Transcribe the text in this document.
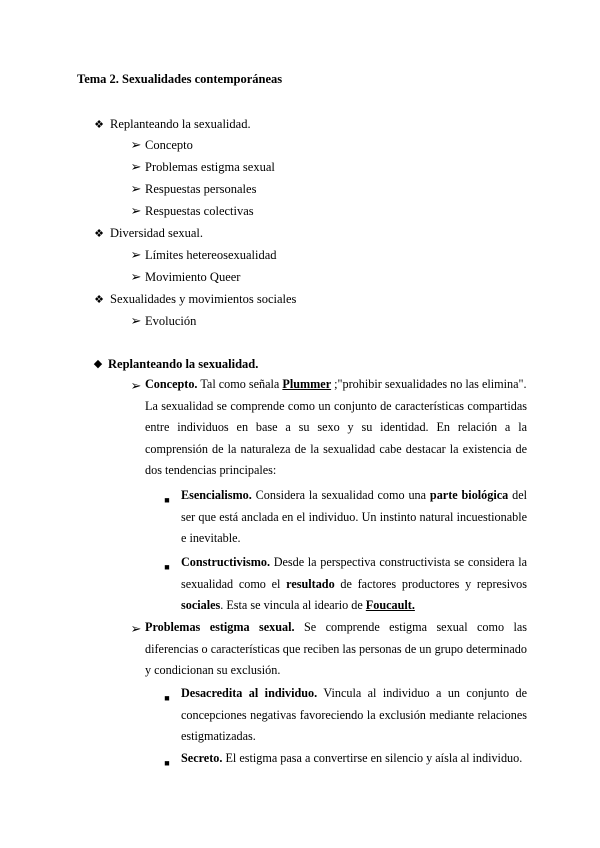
Tema 2. Sexualidades contemporáneas
❖ Replanteando la sexualidad.
➢ Concepto
➢ Problemas estigma sexual
➢ Respuestas personales
➢ Respuestas colectivas
❖ Diversidad sexual.
➢ Límites hetereosexualidad
➢ Movimiento Queer
❖ Sexualidades y movimientos sociales
➢ Evolución
◆ Replanteando la sexualidad.
➢ Concepto. Tal como señala Plummer ;"prohibir sexualidades no las elimina".
La sexualidad se comprende como un conjunto de características compartidas
entre individuos en base a su sexo y su identidad. En relación a la
comprensión de la naturaleza de la sexualidad cabe destacar la existencia de
dos tendencias principales:
■ Esencialismo. Considera la sexualidad como una parte biológica del
ser que está anclada en el individuo. Un instinto natural incuestionable
e inevitable.
■ Constructivismo. Desde la perspectiva constructivista se considera la
sexualidad como el resultado de factores productores y represivos
sociales. Esta se vincula al ideario de Foucault.
➢ Problemas estigma sexual. Se comprende estigma sexual como las
diferencias o características que reciben las personas de un grupo determinado
y condicionan su exclusión.
■ Desacredita al individuo. Vincula al individuo a un conjunto de
concepciones negativas favoreciendo la exclusión mediante relaciones
estigmatizadas.
■ Secreto. El estigma pasa a convertirse en silencio y aísla al individuo.
